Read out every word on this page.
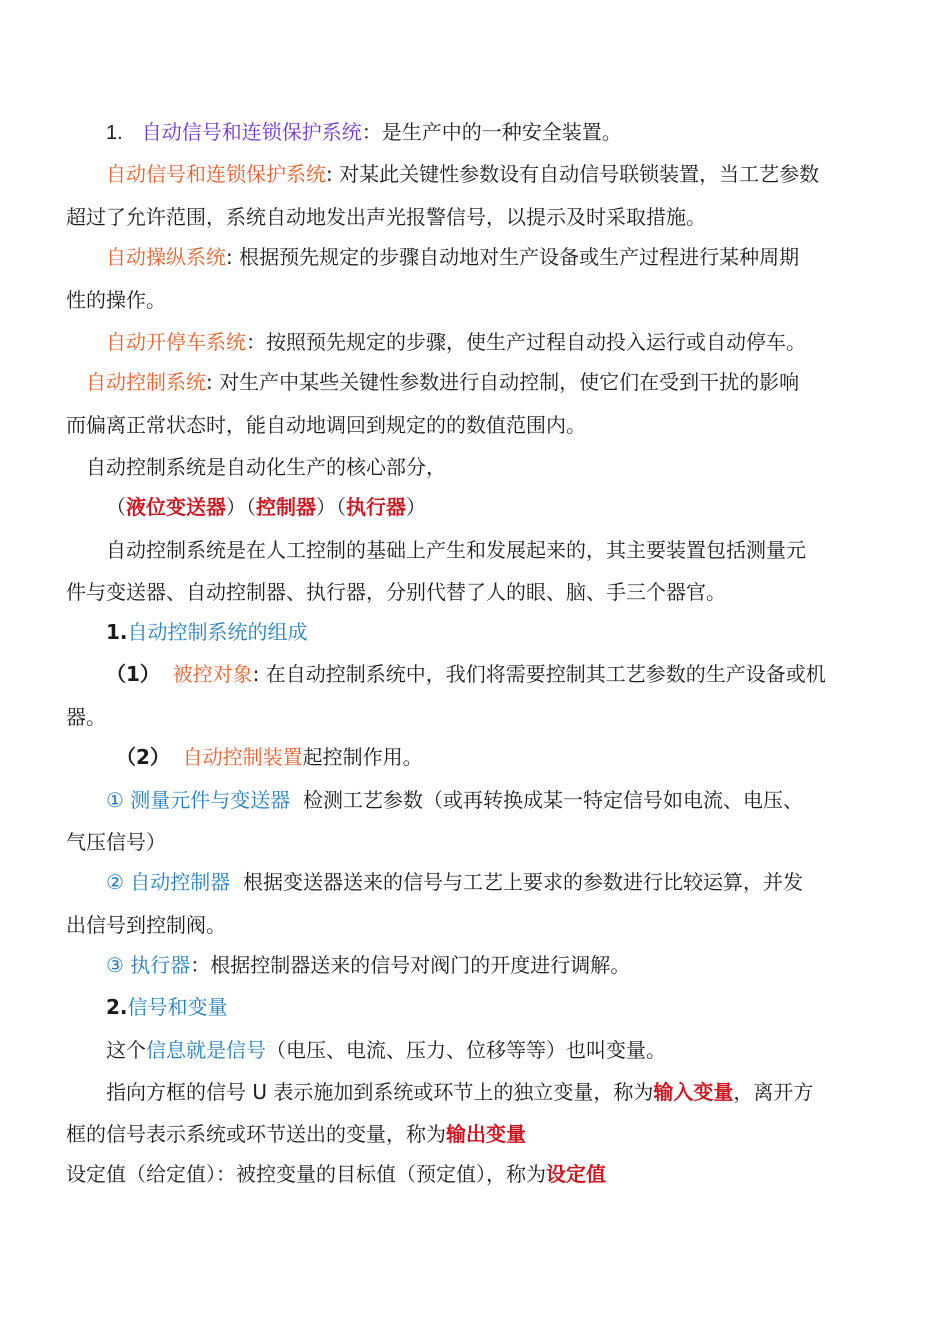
1.   自动信号和连锁保护系统：是生产中的一种安全装置。
自动信号和连锁保护系统: 对某此关键性参数设有自动信号联锁装置，当工艺参数
超过了允许范围，系统自动地发出声光报警信号，以提示及时采取措施。
自动操纵系统: 根据预先规定的步骤自动地对生产设备或生产过程进行某种周期
性的操作。
自动开停车系统：按照预先规定的步骤，使生产过程自动投入运行或自动停车。
自动控制系统: 对生产中某些关键性参数进行自动控制，使它们在受到干扰的影响
而偏离正常状态时，能自动地调回到规定的的数值范围内。
自动控制系统是自动化生产的核心部分，
（液位变送器）（控制器）（执行器）
自动控制系统是在人工控制的基础上产生和发展起来的，其主要装置包括测量元
件与变送器、自动控制器、执行器，分别代替了人的眼、脑、手三个器官。
1.自动控制系统的组成
（1）  被控对象: 在自动控制系统中，我们将需要控制其工艺参数的生产设备或机
器。
（2）  自动控制装置起控制作用。
① 测量元件与变送器  检测工艺参数（或再转换成某一特定信号如电流、电压、
气压信号）
② 自动控制器  根据变送器送来的信号与工艺上要求的参数进行比较运算，并发
出信号到控制阀。
③ 执行器：根据控制器送来的信号对阀门的开度进行调解。
2.信号和变量
这个信息就是信号（电压、电流、压力、位移等等）也叫变量。
指向方框的信号 U 表示施加到系统或环节上的独立变量，称为输入变量，离开方
框的信号表示系统或环节送出的变量，称为输出变量
设定值（给定值）：被控变量的目标值（预定值），称为设定值
